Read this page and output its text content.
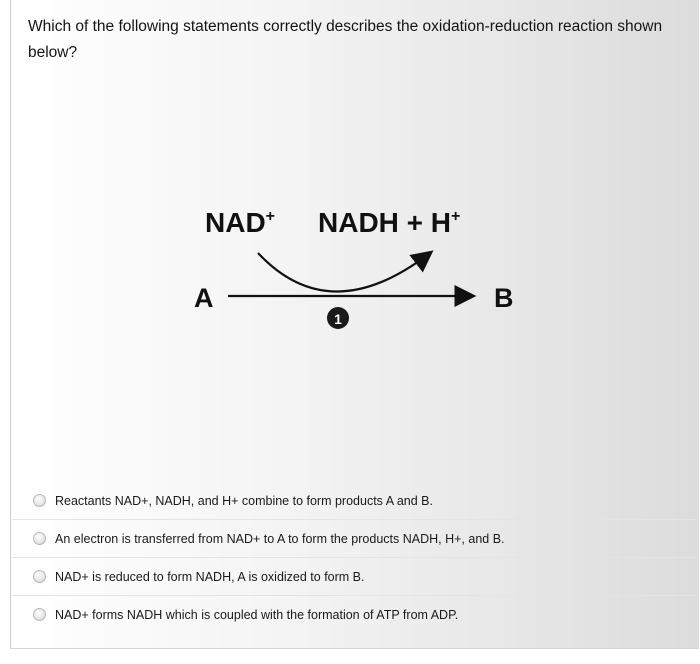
Which of the following statements correctly describes the oxidation-reduction reaction shown below?

NAD+ NADH + H+
A	B
1
Reactants NAD+, NADH, and H+ combine to form products A and B.
An electron is transferred from NAD+ to A to form the products NADH, H+, and B.
NAD+ is reduced to form NADH, A is oxidized to form B.
NAD+ forms NADH which is coupled with the formation of ATP from ADP.
